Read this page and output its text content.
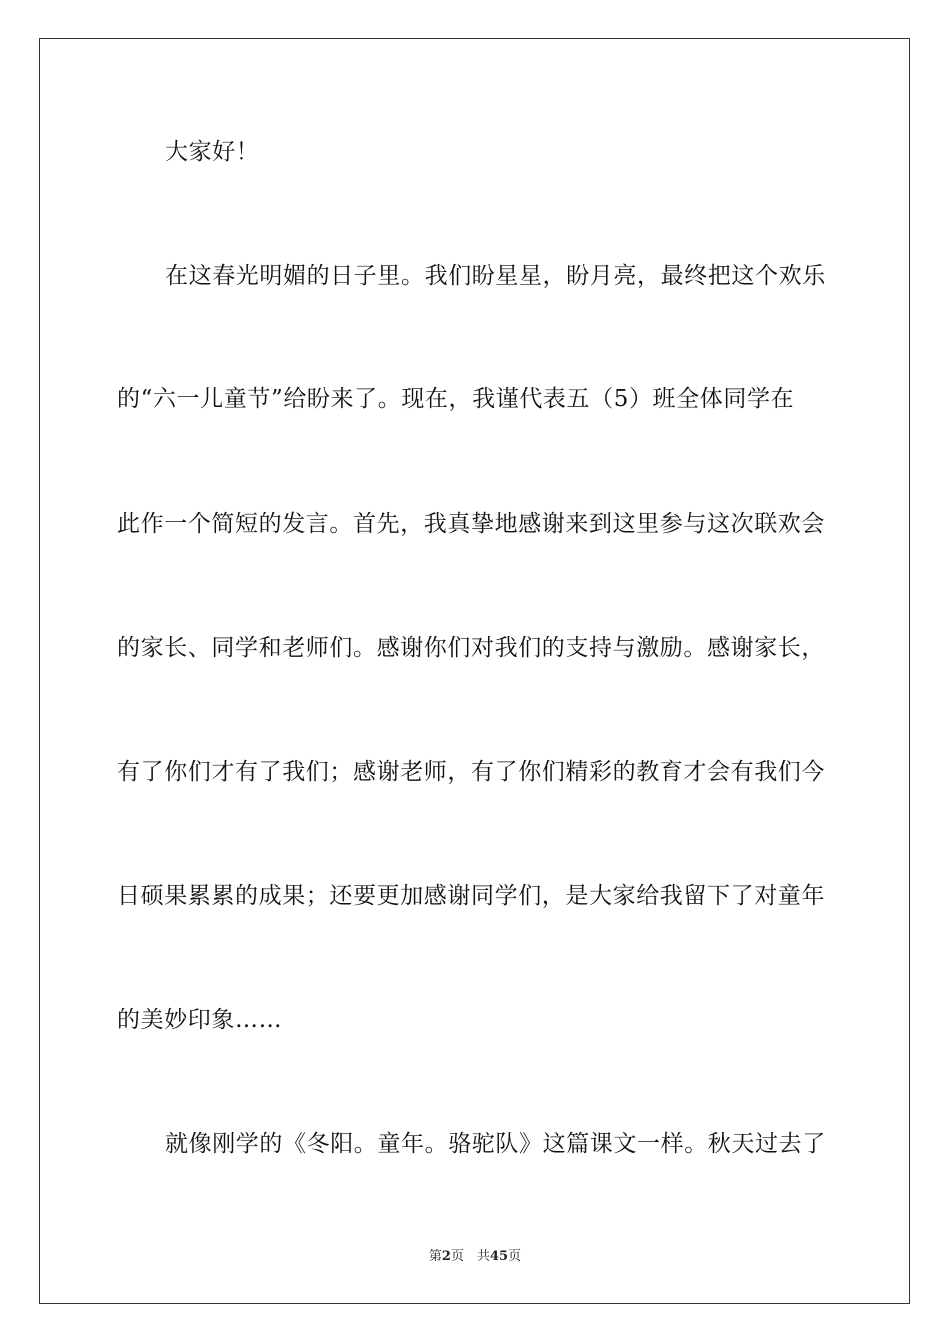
大家好！
在这春光明媚的日子里。我们盼星星，盼月亮，最终把这个欢乐
的“六一儿童节”给盼来了。现在，我谨代表五（5）班全体同学在
此作一个简短的发言。首先，我真挚地感谢来到这里参与这次联欢会
的家长、同学和老师们。感谢你们对我们的支持与激励。感谢家长，
有了你们才有了我们；感谢老师，有了你们精彩的教育才会有我们今
日硕果累累的成果；还要更加感谢同学们，是大家给我留下了对童年
的美妙印象……
就像刚学的《冬阳。童年。骆驼队》这篇课文一样。秋天过去了
第2页　共45页
